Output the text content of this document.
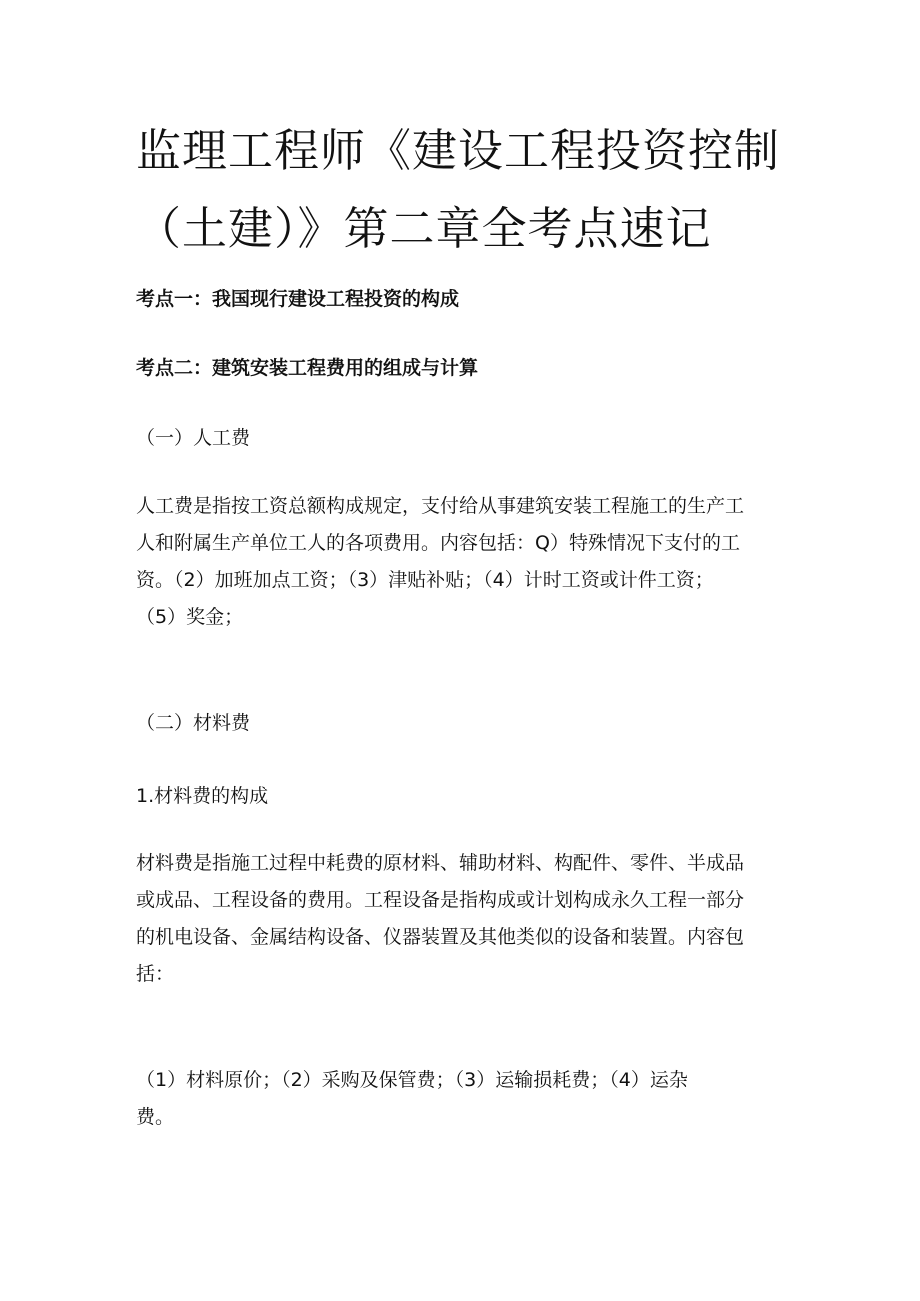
监理工程师《建设工程投资控制
（土建）》第二章全考点速记
考点一：我国现行建设工程投资的构成
考点二：建筑安装工程费用的组成与计算
（一）人工费

人工费是指按工资总额构成规定，支付给从事建筑安装工程施工的生产工
人和附属生产单位工人的各项费用。内容包括：Q）特殊情况下支付的工
资。（2）加班加点工资；（3）津贴补贴；（4）计时工资或计件工资；
（5）奖金；

（二）材料费
1.材料费的构成

材料费是指施工过程中耗费的原材料、辅助材料、构配件、零件、半成品
或成品、工程设备的费用。工程设备是指构成或计划构成永久工程一部分
的机电设备、金属结构设备、仪器装置及其他类似的设备和装置。内容包
括：

（1）材料原价；（2）采购及保管费；（3）运输损耗费；（4）运杂
费。
